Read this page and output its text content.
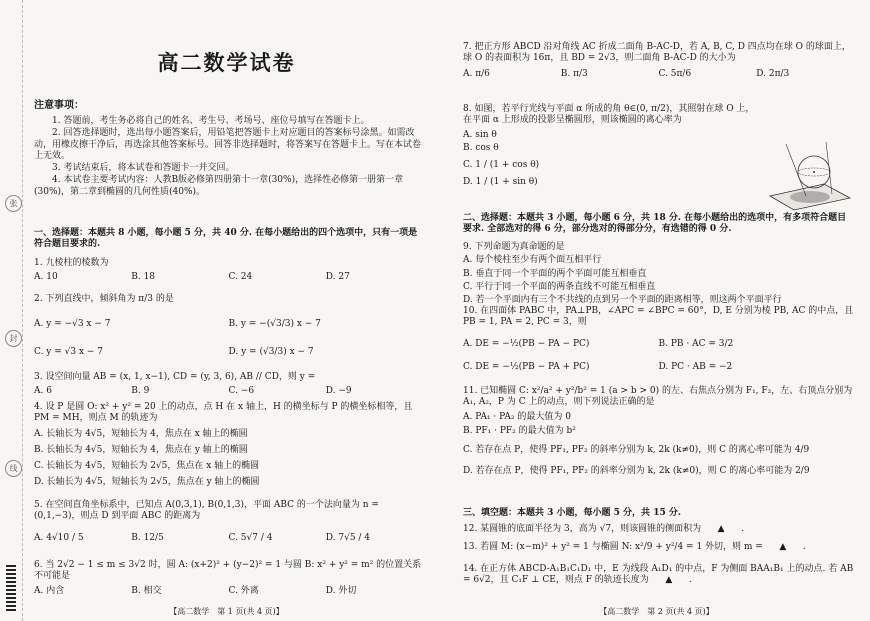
张
封
线
高二数学试卷
注意事项：

1. 答题前，考生务必将自己的姓名、考生号、考场号、座位号填写在答题卡上。

2. 回答选择题时，选出每小题答案后，用铅笔把答题卡上对应题目的答案标号涂黑。如需改动，用橡皮擦干净后，再选涂其他答案标号。回答非选择题时，将答案写在答题卡上。写在本试卷上无效。

3. 考试结束后，将本试卷和答题卡一并交回。

4. 本试卷主要考试内容：人教B版必修第四册第十一章(30%)，选择性必修第一册第一章(30%)，第二章到椭圆的几何性质(40%)。

一、选择题：本题共 8 小题，每小题 5 分，共 40 分. 在每小题给出的四个选项中，只有一项是符合题目要求的.

1. 九棱柱的棱数为

A. 10	B. 18	C. 24	D. 27

2. 下列直线中，倾斜角为 π/3 的是

A. y = −√3 x − 7	B. y = −(√3/3) x − 7
C. y = √3 x − 7	D. y = (√3/3) x − 7

3. 设空间向量 AB = (x, 1, x−1), CD = (y, 3, 6), AB // CD，则 y =

A. 6	B. 9	C. −6	D. −9

4. 设 P 是圆 O: x² + y² = 20 上的动点，点 H 在 x 轴上，H 的横坐标与 P 的横坐标相等，且 PM = MH，则点 M 的轨迹为

A. 长轴长为 4√5，短轴长为 4，焦点在 x 轴上的椭圆

B. 长轴长为 4√5，短轴长为 4，焦点在 y 轴上的椭圆

C. 长轴长为 4√5，短轴长为 2√5，焦点在 x 轴上的椭圆

D. 长轴长为 4√5，短轴长为 2√5，焦点在 y 轴上的椭圆

5. 在空间直角坐标系中，已知点 A(0,3,1), B(0,1,3)，平面 ABC 的一个法向量为 n = (0,1,−3)，则点 D 到平面 ABC 的距离为

A. 4√10 / 5	B. 12/5	C. 5√7 / 4	D. 7√5 / 4

6. 当 2√2 − 1 ≤ m ≤ 3√2 时，圆 A: (x+2)² + (y−2)² = 1 与圆 B: x² + y² = m² 的位置关系不可能是

A. 内含	B. 相交	C. 外离	D. 外切
【高二数学　第 1 页(共 4 页)】

7. 把正方形 ABCD 沿对角线 AC 折成二面角 B-AC-D，若 A, B, C, D 四点均在球 O 的球面上，球 O 的表面积为 16π，且 BD = 2√3，则二面角 B-AC-D 的大小为

A. π/6	B. π/3	C. 5π/6	D. 2π/3

8. 如图，若平行光线与平面 α 所成的角 θ∈(0, π/2)，其照射在球 O 上，在平面 α 上形成的投影呈椭圆形，则该椭圆的离心率为

A. sin θ

B. cos θ

C. 1 / (1 + cos θ)

D. 1 / (1 + sin θ)

二、选择题：本题共 3 小题，每小题 6 分，共 18 分. 在每小题给出的选项中，有多项符合题目要求. 全部选对的得 6 分，部分选对的得部分分，有选错的得 0 分.

9. 下列命题为真命题的是

A. 每个棱柱至少有两个面互相平行

B. 垂直于同一个平面的两个平面可能互相垂直

C. 平行于同一个平面的两条直线不可能互相垂直

D. 若一个平面内有三个不共线的点到另一个平面的距离相等，则这两个平面平行

10. 在四面体 PABC 中，PA⊥PB，∠APC = ∠BPC = 60°，D, E 分别为棱 PB, AC 的中点，且 PB = 1, PA = 2, PC = 3，则

A. DE = −½(PB − PA − PC)	B. PB · AC = 3/2
C. DE = −½(PB − PA + PC)	D. PC · AB = −2

11. 已知椭圆 C: x²/a² + y²/b² = 1 (a > b > 0) 的左、右焦点分别为 F₁, F₂，左、右顶点分别为 A₁, A₂，P 为 C 上的动点，则下列说法正确的是

A. PA₁ · PA₂ 的最大值为 0

B. PF₁ · PF₂ 的最大值为 b²

C. 若存在点 P，使得 PF₁, PF₂ 的斜率分别为 k, 2k (k≠0)，则 C 的离心率可能为 4/9

D. 若存在点 P，使得 PF₁, PF₂ 的斜率分别为 k, 2k (k≠0)，则 C 的离心率可能为 2/9

三、填空题：本题共 3 小题，每小题 5 分，共 15 分.

12. 某圆锥的底面半径为 3，高为 √7，则该圆锥的侧面积为 ▲ .

13. 若圆 M: (x−m)² + y² = 1 与椭圆 N: x²/9 + y²/4 = 1 外切，则 m = ▲ .

14. 在正方体 ABCD-A₁B₁C₁D₁ 中，E 为线段 A₁D₁ 的中点，F 为侧面 BAA₁B₁ 上的动点. 若 AB = 6√2，且 C₁F ⊥ CE，则点 F 的轨迹长度为 ▲ .

【高二数学　第 2 页(共 4 页)】
